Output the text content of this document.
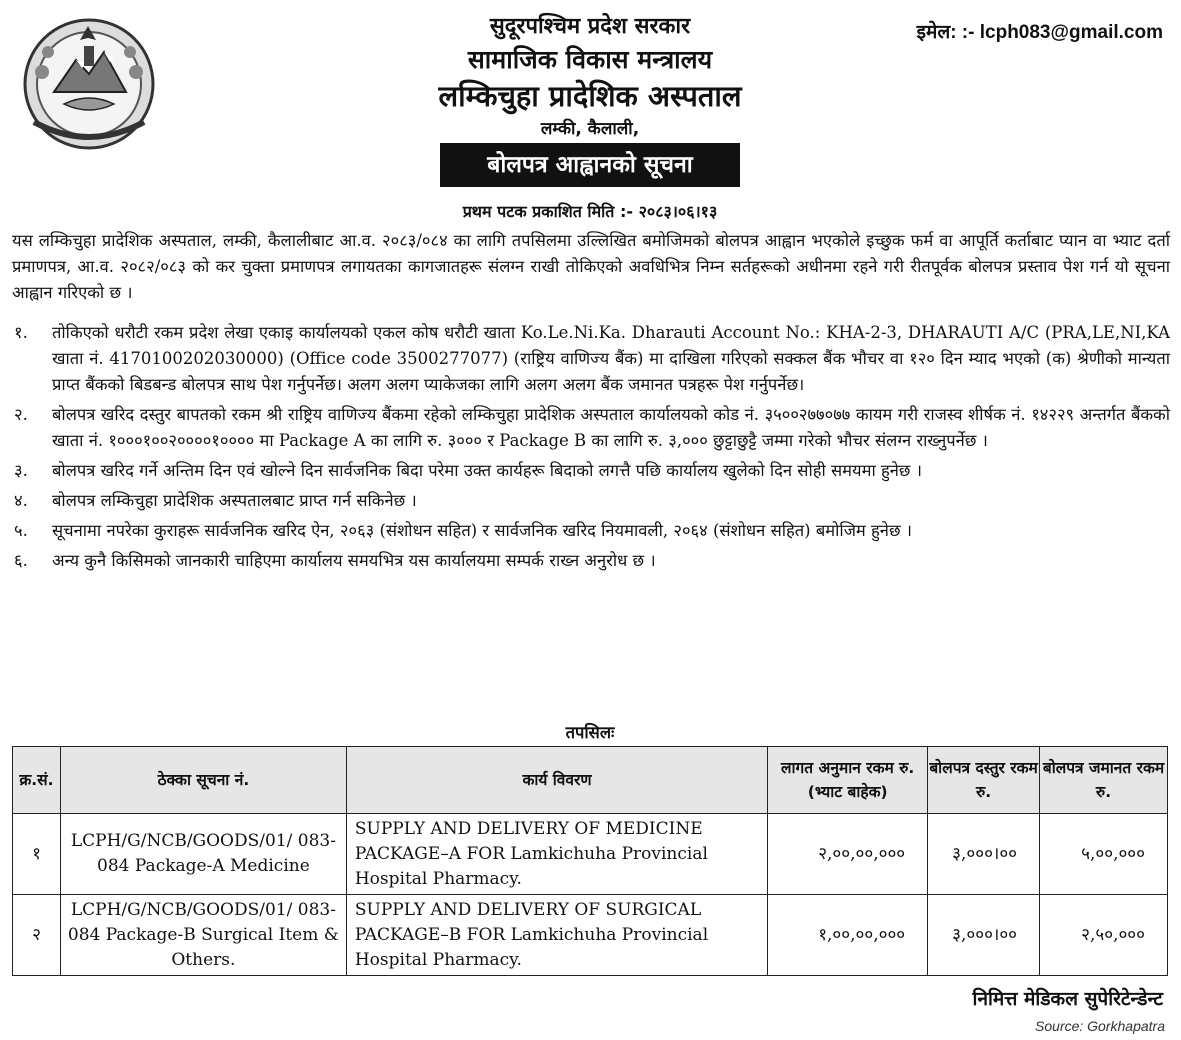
इमेल: :- lcph083@gmail.com
सुदूरपश्चिम प्रदेश सरकार
सामाजिक विकास मन्त्रालय
लम्किचुहा प्रादेशिक अस्पताल
लम्की, कैलाली,
बोलपत्र आह्वानको सूचना
प्रथम पटक प्रकाशित मिति :- २०८३।०६।१३
यस लम्किचुहा प्रादेशिक अस्पताल, लम्की, कैलालीबाट आ.व. २०८३/०८४ का लागि तपसिलमा उल्लिखित बमोजिमको बोलपत्र आह्वान भएकोले इच्छुक फर्म वा आपूर्ति कर्ताबाट प्यान वा भ्याट दर्ता प्रमाणपत्र, आ.व. २०८२/०८३ को कर चुक्ता प्रमाणपत्र लगायतका कागजातहरू संलग्न राखी तोकिएको अवधिभित्र निम्न सर्तहरूको अधीनमा रहने गरी रीतपूर्वक बोलपत्र प्रस्ताव पेश गर्न यो सूचना आह्वान गरिएको छ ।
१.	तोकिएको धरौटी रकम प्रदेश लेखा एकाइ कार्यालयको एकल कोष धरौटी खाता Ko.Le.Ni.Ka. Dharauti Account No.: KHA-2-3, DHARAUTI A/C (PRA,LE,NI,KA खाता नं. 4170100202030000) (Office code 3500277077) (राष्ट्रिय वाणिज्य बैंक) मा दाखिला गरिएको सक्कल बैंक भौचर वा १२० दिन म्याद भएको (क) श्रेणीको मान्यता प्राप्त बैंकको बिडबन्ड बोलपत्र साथ पेश गर्नुपर्नेछ। अलग अलग प्याकेजका लागि अलग अलग बैंक जमानत पत्रहरू पेश गर्नुपर्नेछ।
२.	बोलपत्र खरिद दस्तुर बापतको रकम श्री राष्ट्रिय वाणिज्य बैंकमा रहेको लम्किचुहा प्रादेशिक अस्पताल कार्यालयको कोड नं. ३५००२७७०७७ कायम गरी राजस्व शीर्षक नं. १४२२९ अन्तर्गत बैंकको खाता नं. १०००१००२००००१०००० मा Package A का लागि रु. ३००० र Package B का लागि रु. ३,००० छुट्टाछुट्टै जम्मा गरेको भौचर संलग्न राख्नुपर्नेछ ।
३.	बोलपत्र खरिद गर्ने अन्तिम दिन एवं खोल्ने दिन सार्वजनिक बिदा परेमा उक्त कार्यहरू बिदाको लगत्तै पछि कार्यालय खुलेको दिन सोही समयमा हुनेछ ।
४.	बोलपत्र लम्किचुहा प्रादेशिक अस्पतालबाट प्राप्त गर्न सकिनेछ ।
५.	सूचनामा नपरेका कुराहरू सार्वजनिक खरिद ऐन, २०६३ (संशोधन सहित) र सार्वजनिक खरिद नियमावली, २०६४ (संशोधन सहित) बमोजिम हुनेछ ।
६.	अन्य कुनै किसिमको जानकारी चाहिएमा कार्यालय समयभित्र यस कार्यालयमा सम्पर्क राख्न अनुरोध छ ।
तपसिलः
क्र.सं.	ठेक्का सूचना नं.	कार्य विवरण	लागत अनुमान रकम रु. (भ्याट बाहेक)	बोलपत्र दस्तुर रकम रु.	बोलपत्र जमानत रकम रु.
१	LCPH/G/NCB/GOODS/01/ 083-084 Package-A Medicine	SUPPLY AND DELIVERY OF MEDICINE PACKAGE–A FOR Lamkichuha Provincial Hospital Pharmacy.	२,००,००,०००	३,०००।००	५,००,०००
२	LCPH/G/NCB/GOODS/01/ 083-084 Package-B Surgical Item & Others.	SUPPLY AND DELIVERY OF SURGICAL PACKAGE–B FOR Lamkichuha Provincial Hospital Pharmacy.	१,००,००,०००	३,०००।००	२,५०,०००
निमित्त मेडिकल सुपेरिटेन्डेन्ट
Source: Gorkhapatra
